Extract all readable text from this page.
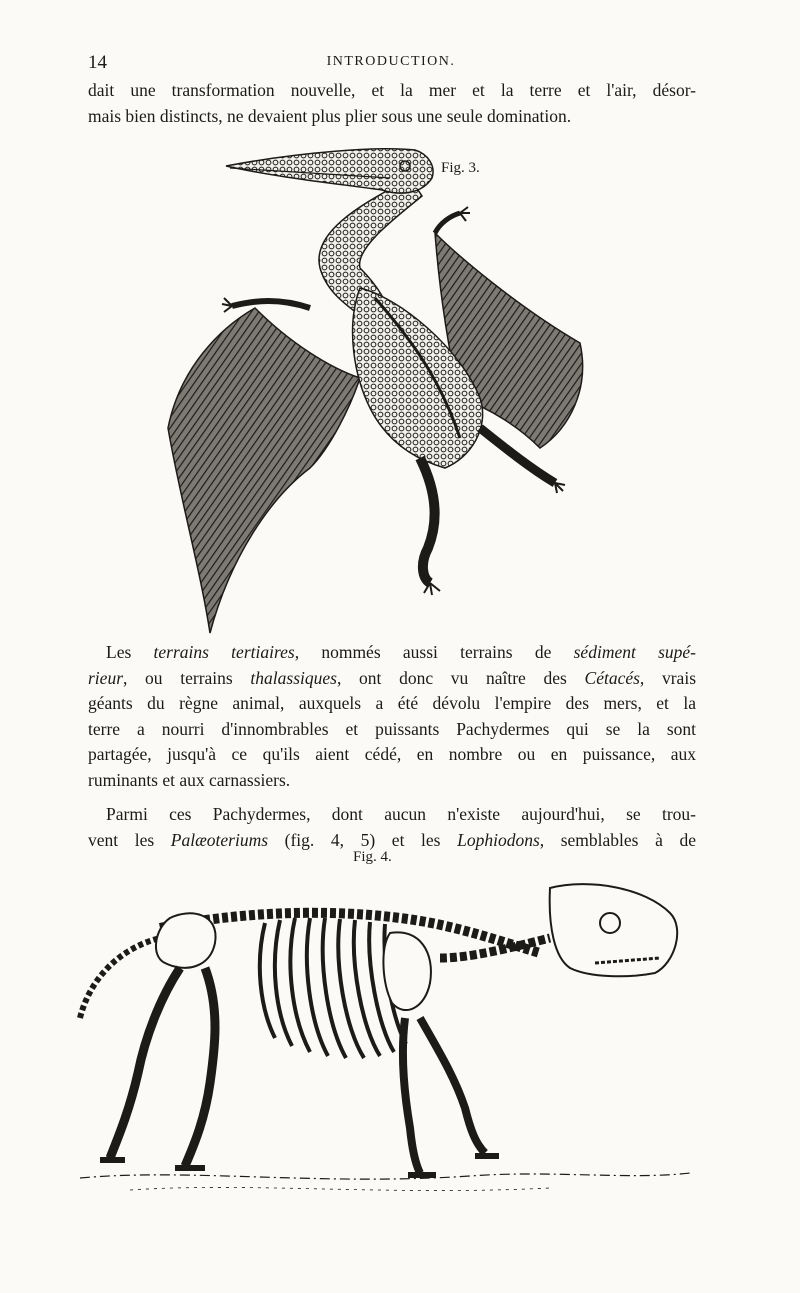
14	INTRODUCTION.
dait une transformation nouvelle, et la mer et la terre et l'air, désor-
mais bien distincts, ne devaient plus plier sous une seule domination.
Fig. 3.
Les terrains tertiaires, nommés aussi terrains de sédiment supé-
rieur, ou terrains thalassiques, ont donc vu naître des Cétacés, vrais
géants du règne animal, auxquels a été dévolu l'empire des mers, et la
terre a nourri d'innombrables et puissants Pachydermes qui se la sont
partagée, jusqu'à ce qu'ils aient cédé, en nombre ou en puissance, aux
ruminants et aux carnassiers.
Parmi ces Pachydermes, dont aucun n'existe aujourd'hui, se trou-
vent les Palæoteriums (fig. 4, 5) et les Lophiodons, semblables à de
Fig. 4.
